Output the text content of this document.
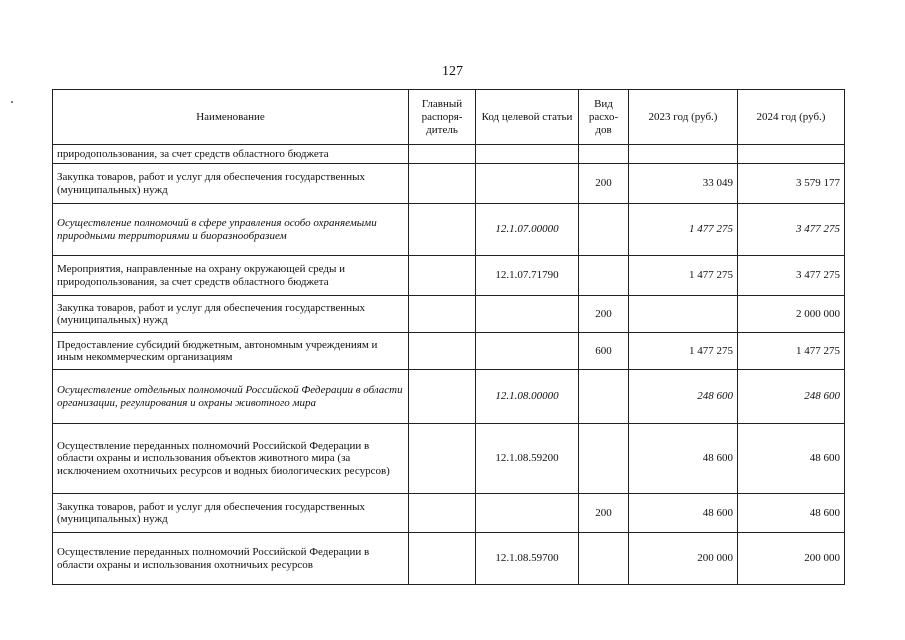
127
Наименование	Главный распоря- дитель	Код целевой статьи	Вид расхо- дов	2023 год (руб.)	2024 год (руб.)
природопользования, за счет средств областного бюджета					
Закупка товаров, работ и услуг для обеспечения государственных (муниципальных) нужд			200	33 049	3 579 177
Осуществление полномочий в сфере управления особо охраняемыми природными территориями и биоразнообразием		12.1.07.00000		1 477 275	3 477 275
Мероприятия, направленные на охрану окружающей среды и природопользования, за счет средств областного бюджета		12.1.07.71790		1 477 275	3 477 275
Закупка товаров, работ и услуг для обеспечения государственных (муниципальных) нужд			200		2 000 000
Предоставление субсидий бюджетным, автономным учреждениям и иным некоммерческим организациям			600	1 477 275	1 477 275
Осуществление отдельных полномочий Российской Федерации в области организации, регулирования и охраны животного мира		12.1.08.00000		248 600	248 600
Осуществление переданных полномочий Российской Федерации в области охраны и использования объектов животного мира (за исключением охотничьих ресурсов и водных биологических ресурсов)		12.1.08.59200		48 600	48 600
Закупка товаров, работ и услуг для обеспечения государственных (муниципальных) нужд			200	48 600	48 600
Осуществление переданных полномочий Российской Федерации в области охраны и использования охотничьих ресурсов		12.1.08.59700		200 000	200 000
